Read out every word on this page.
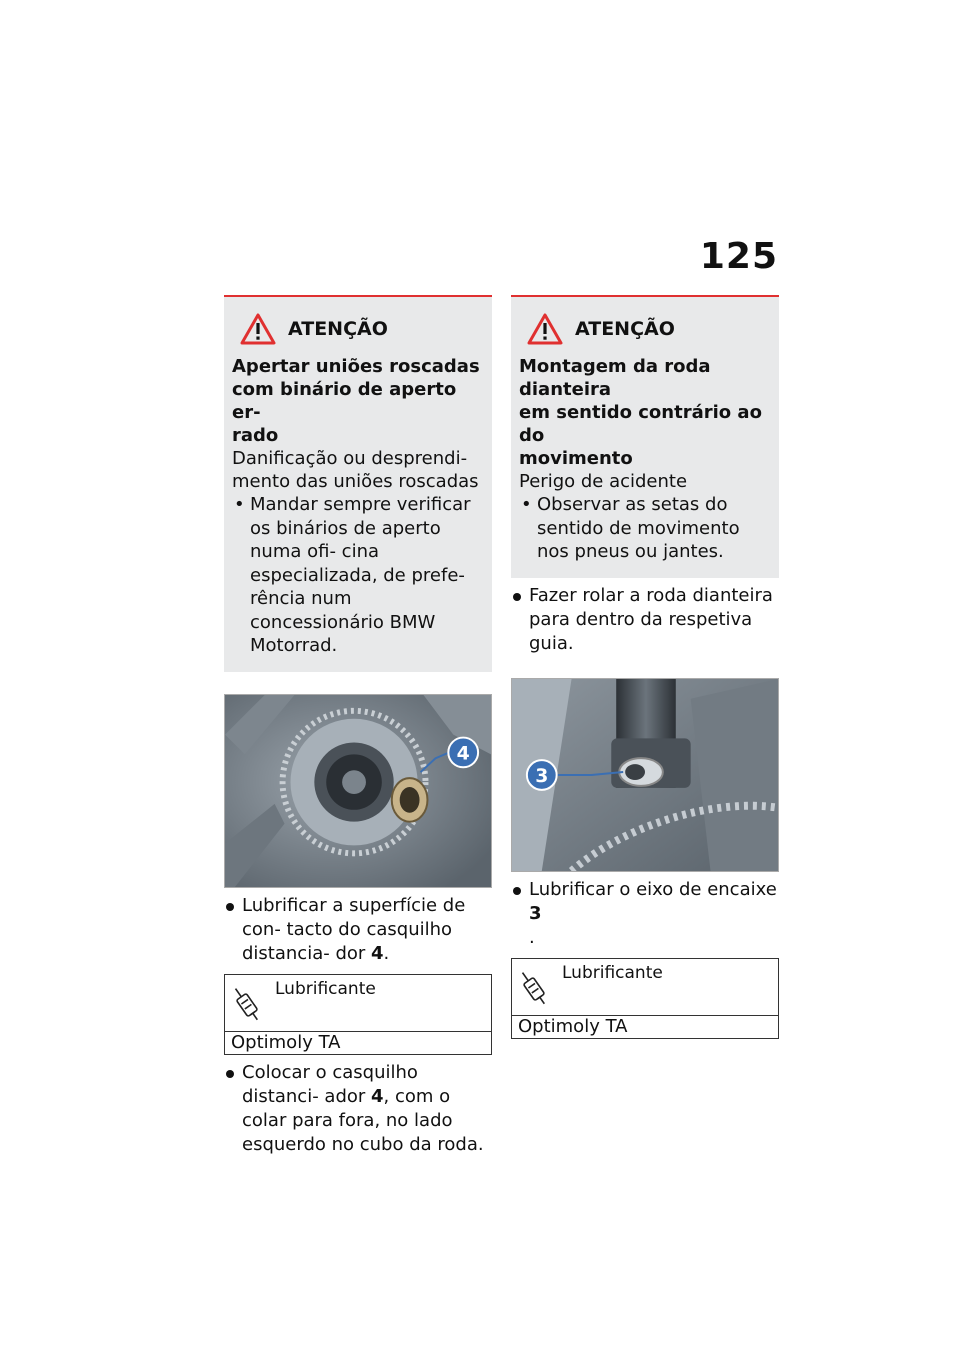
125
ATENÇÃO
Apertar uniões roscadas
com binário de aperto er-
rado
Danificação ou desprendi-
mento das uniões roscadas
• Mandar sempre verificar os binários de aperto numa ofi- cina especializada, de prefe- rência num concessionário BMW Motorrad.
4
Lubrificar a superfície de con- tacto do casquilho distancia- dor 4.
Lubrificante
Optimoly TA
Colocar o casquilho distanci- ador 4, com o colar para fora, no lado esquerdo no cubo da roda.
ATENÇÃO
Montagem da roda dianteira
em sentido contrário ao do
movimento
Perigo de acidente
• Observar as setas do sentido de movimento nos pneus ou jantes.
Fazer rolar a roda dianteira para dentro da respetiva guia.
3
Lubrificar o eixo de encaixe 3
.
Lubrificante
Optimoly TA
